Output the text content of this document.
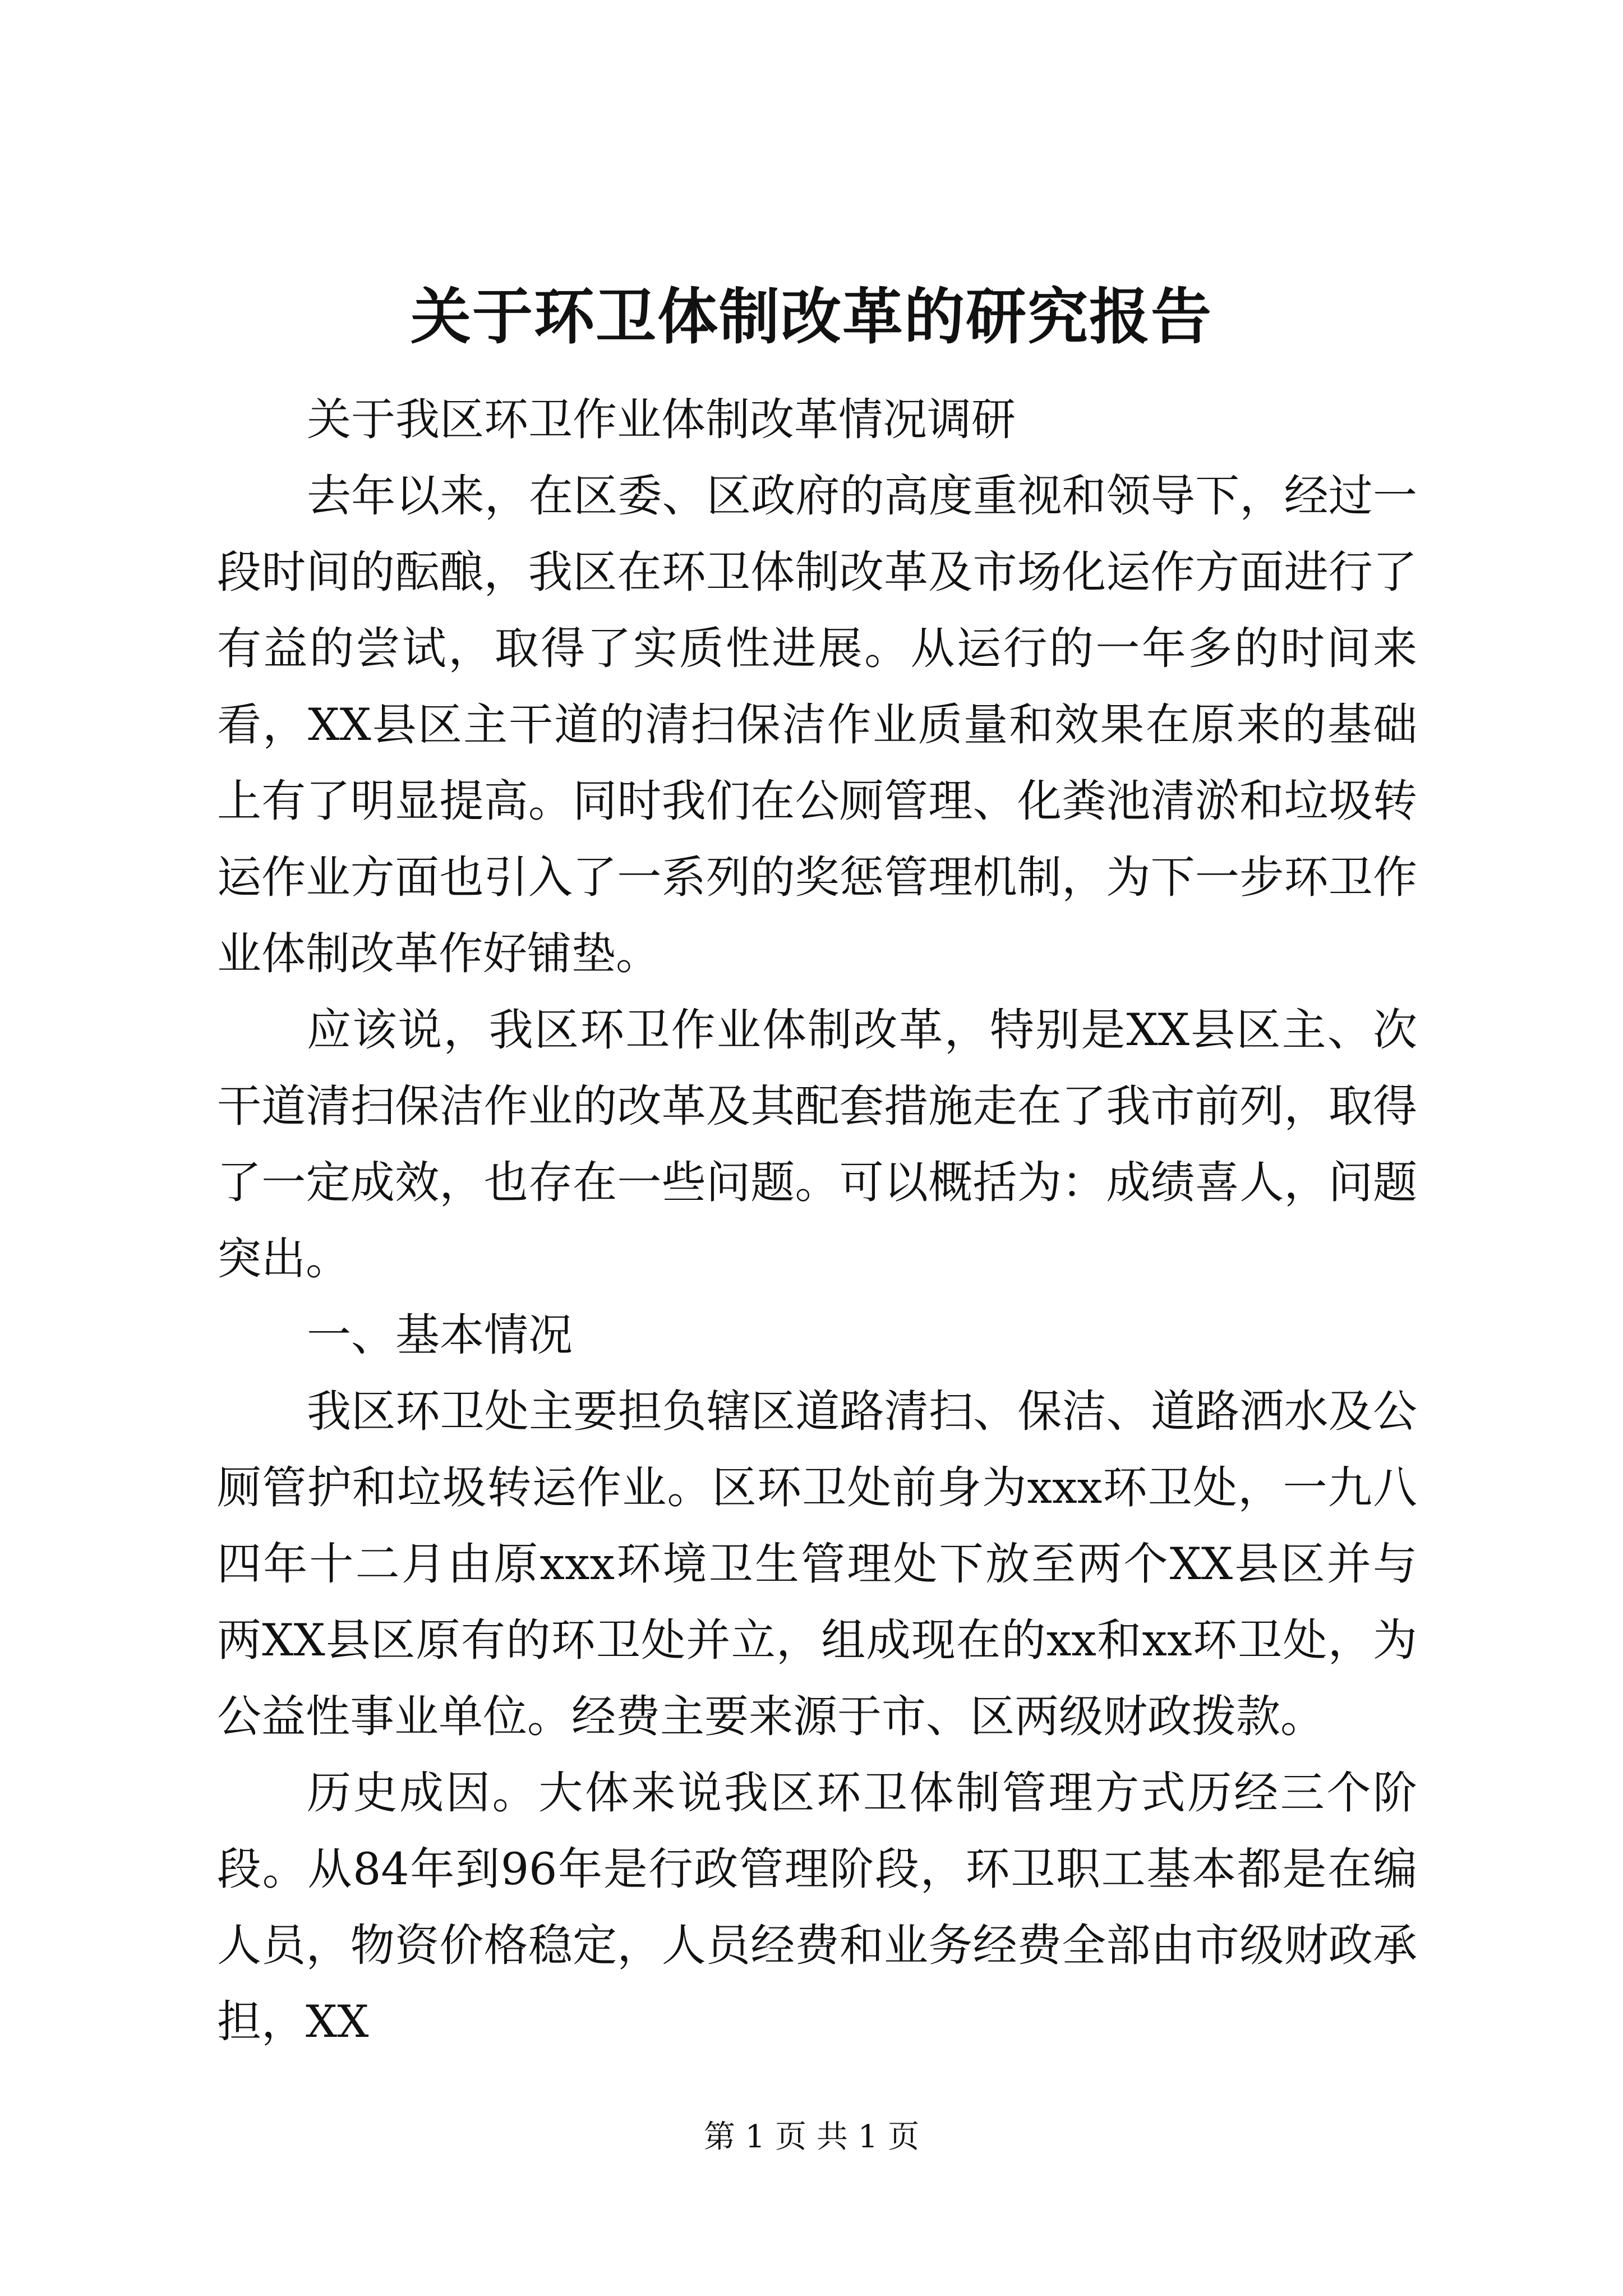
关于环卫体制改革的研究报告

关于我区环卫作业体制改革情况调研

去年以来，在区委、区政府的高度重视和领导下，经过一段时间的酝酿，我区在环卫体制改革及市场化运作方面进行了有益的尝试，取得了实质性进展。从运行的一年多的时间来看，XX县区主干道的清扫保洁作业质量和效果在原来的基础上有了明显提高。同时我们在公厕管理、化粪池清淤和垃圾转运作业方面也引入了一系列的奖惩管理机制，为下一步环卫作业体制改革作好铺垫。

应该说，我区环卫作业体制改革，特别是XX县区主、次干道清扫保洁作业的改革及其配套措施走在了我市前列，取得了一定成效，也存在一些问题。可以概括为：成绩喜人，问题突出。

一、基本情况

我区环卫处主要担负辖区道路清扫、保洁、道路洒水及公厕管护和垃圾转运作业。区环卫处前身为xxx环卫处，一九八四年十二月由原xxx环境卫生管理处下放至两个XX县区并与两XX县区原有的环卫处并立，组成现在的xx和xx环卫处，为公益性事业单位。经费主要来源于市、区两级财政拨款。

历史成因。大体来说我区环卫体制管理方式历经三个阶段。从84年到96年是行政管理阶段，环卫职工基本都是在编人员，物资价格稳定，人员经费和业务经费全部由市级财政承担，XX

第 1 页 共 1 页
